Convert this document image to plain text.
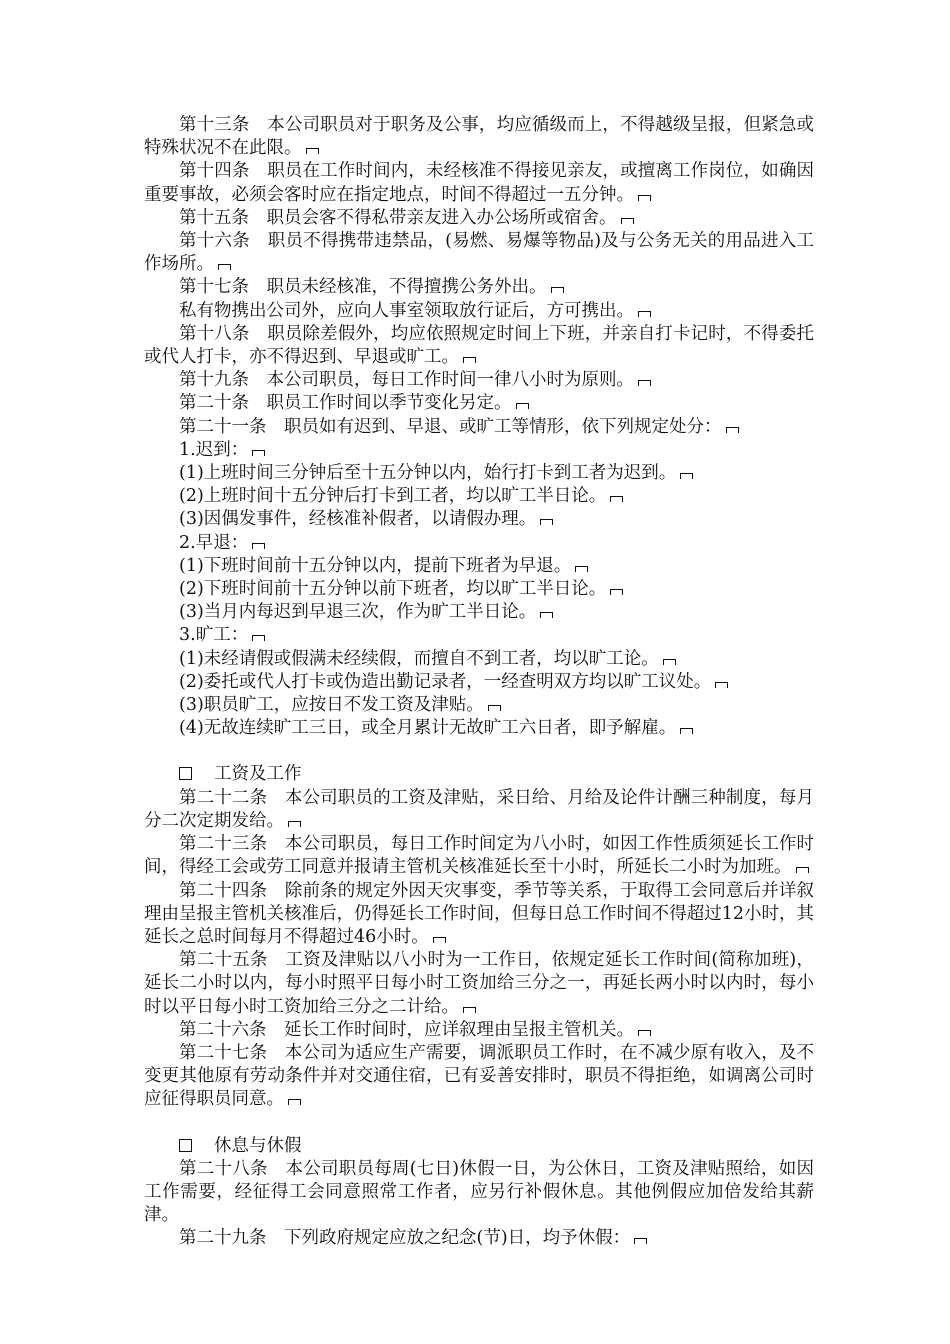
第十三条　本公司职员对于职务及公事，均应循级而上，不得越级呈报，但紧急或特殊状况不在此限。

第十四条　职员在工作时间内，未经核准不得接见亲友，或擅离工作岗位，如确因重要事故，必须会客时应在指定地点，时间不得超过一五分钟。

第十五条　职员会客不得私带亲友进入办公场所或宿舍。

第十六条　职员不得携带违禁品，(易燃、易爆等物品)及与公务无关的用品进入工作场所。

第十七条　职员未经核准，不得擅携公务外出。

私有物携出公司外，应向人事室领取放行证后，方可携出。

第十八条　职员除差假外，均应依照规定时间上下班，并亲自打卡记时，不得委托或代人打卡，亦不得迟到、早退或旷工。

第十九条　本公司职员，每日工作时间一律八小时为原则。

第二十条　职员工作时间以季节变化另定。

第二十一条　职员如有迟到、早退、或旷工等情形，依下列规定处分：

1.迟到：

(1)上班时间三分钟后至十五分钟以内，始行打卡到工者为迟到。

(2)上班时间十五分钟后打卡到工者，均以旷工半日论。

(3)因偶发事件，经核准补假者，以请假办理。

2.早退：

(1)下班时间前十五分钟以内，提前下班者为早退。

(2)下班时间前十五分钟以前下班者，均以旷工半日论。

(3)当月内每迟到早退三次，作为旷工半日论。

3.旷工：

(1)未经请假或假满未经续假，而擅自不到工者，均以旷工论。

(2)委托或代人打卡或伪造出勤记录者，一经查明双方均以旷工议处。

(3)职员旷工，应按日不发工资及津贴。

(4)无故连续旷工三日，或全月累计无故旷工六日者，即予解雇。

工资及工作

第二十二条　本公司职员的工资及津贴，采日给、月给及论件计酬三种制度，每月分二次定期发给。

第二十三条　本公司职员，每日工作时间定为八小时，如因工作性质须延长工作时间，得经工会或劳工同意并报请主管机关核准延长至十小时，所延长二小时为加班。

第二十四条　除前条的规定外因天灾事变，季节等关系，于取得工会同意后并详叙理由呈报主管机关核准后，仍得延长工作时间，但每日总工作时间不得超过12小时，其延长之总时间每月不得超过46小时。

第二十五条　工资及津贴以八小时为一工作日，依规定延长工作时间(简称加班)，延长二小时以内，每小时照平日每小时工资加给三分之一，再延长两小时以内时，每小时以平日每小时工资加给三分之二计给。

第二十六条　延长工作时间时，应详叙理由呈报主管机关。

第二十七条　本公司为适应生产需要，调派职员工作时，在不减少原有收入，及不变更其他原有劳动条件并对交通住宿，已有妥善安排时，职员不得拒绝，如调离公司时应征得职员同意。

休息与休假

第二十八条　本公司职员每周(七日)休假一日，为公休日，工资及津贴照给，如因工作需要，经征得工会同意照常工作者，应另行补假休息。其他例假应加倍发给其薪津。

第二十九条　下列政府规定应放之纪念(节)日，均予休假：
